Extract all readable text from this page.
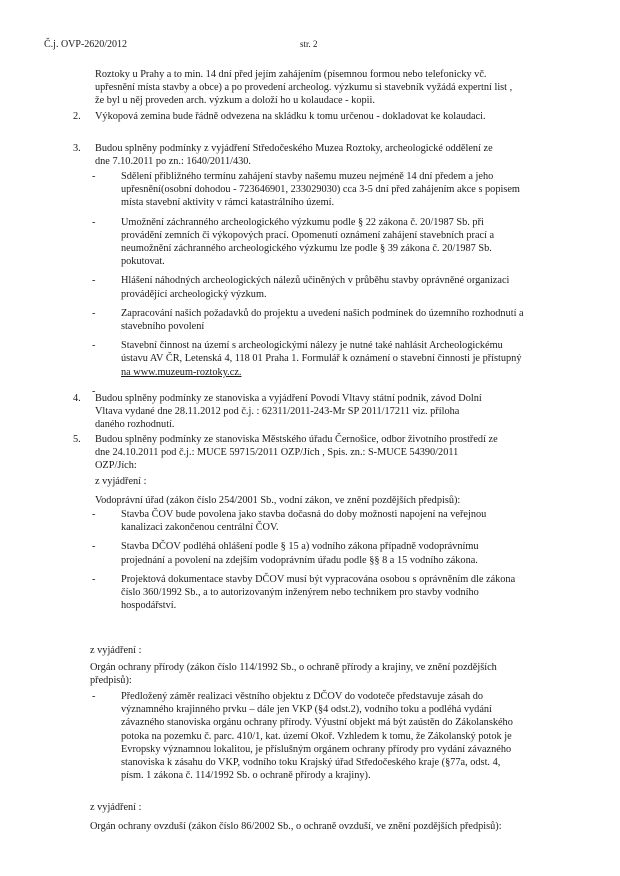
Č.j. OVP-2620/2012	str. 2

Roztoky u Prahy a to min. 14 dní před jejím zahájením (písemnou formou nebo telefonicky vč.

upřesnění místa stavby a obce) a po provedení archeolog. výzkumu si stavebník vyžádá expertní list ,

že byl u něj proveden arch. výzkum a doloží ho u kolaudace - kopii.

2. Výkopová zemina bude řádně odvezena na skládku k tomu určenou - dokladovat ke kolaudaci.

3. Budou splněny podmínky z vyjádření Středočeského Muzea Roztoky, archeologické oddělení ze

dne 7.10.2011 po zn.: 1640/2011/430.

- Sdělení přibližného termínu zahájení stavby našemu muzeu nejméně 14 dní předem a jeho

upřesnění(osobní dohodou - 723646901, 233029030) cca 3-5 dní před zahájením akce s popisem

místa stavební aktivity v rámci katastrálního území.

- Umožnění záchranného archeologického výzkumu podle § 22 zákona č. 20/1987 Sb. při

provádění zemních či výkopových prací. Opomenutí oznámení zahájení stavebních prací a

neumožnění záchranného archeologického výzkumu lze podle § 39 zákona č. 20/1987 Sb.

pokutovat.

- Hlášení náhodných archeologických nálezů učiněných v průběhu stavby oprávněné organizaci

provádějící archeologický výzkum.

- Zapracování našich požadavků do projektu a uvedení našich podmínek do územního rozhodnutí a

stavebního povolení

- Stavební činnost na území s archeologickými nálezy je nutné také nahlásit Archeologickému

ústavu AV ČR, Letenská 4, 118 01 Praha 1. Formulář k oznámení o stavební činnosti je přístupný

na www.muzeum-roztoky.cz.

-
4. Budou splněny podmínky ze stanoviska a vyjádření Povodí Vltavy státní podnik, závod Dolní

Vltava vydané dne 28.11.2012 pod č.j. : 62311/2011-243-Mr SP 2011/17211 viz. příloha

daného rozhodnutí.

5. Budou splněny podmínky ze stanoviska Městského úřadu Černošice, odbor životního prostředí ze

dne 24.10.2011 pod č.j.: MUCE 59715/2011 OZP/Jích , Spis. zn.: S-MUCE 54390/2011

OZP/Jích:

z vyjádření :

Vodoprávní úřad (zákon číslo 254/2001 Sb., vodní zákon, ve znění pozdějších předpisů):

- Stavba ČOV bude povolena jako stavba dočasná do doby možnosti napojení na veřejnou

kanalizaci zakončenou centrální ČOV.

- Stavba DČOV podléhá ohlášení podle § 15 a) vodního zákona případně vodoprávnímu

projednání a povolení na zdejším vodoprávním úřadu podle §§ 8 a 15 vodního zákona.

- Projektová dokumentace stavby DČOV musí být vypracována osobou s oprávněním dle zákona

číslo 360/1992 Sb., a to autorizovaným inženýrem nebo technikem pro stavby vodního

hospodářství.

z vyjádření :

Orgán ochrany přírody (zákon číslo 114/1992 Sb., o ochraně přírody a krajiny, ve znění pozdějších

předpisů):

- Předložený záměr realizaci věstního objektu z DČOV do vodoteče představuje zásah do

významného krajinného prvku – dále jen VKP (§4 odst.2), vodního toku a podléhá vydání

závazného stanoviska orgánu ochrany přírody. Výustní objekt má být zaústěn do Zákolanského

potoka na pozemku č. parc. 410/1, kat. území Okoř. Vzhledem k tomu, že Zákolanský potok je

Evropsky významnou lokalitou, je příslušným orgánem ochrany přírody pro vydání závazného

stanoviska k zásahu do VKP, vodního toku Krajský úřad Středočeského kraje (§77a, odst. 4,

písm. 1 zákona č. 114/1992 Sb. o ochraně přírody a krajiny).

z vyjádření :

Orgán ochrany ovzduší (zákon číslo 86/2002 Sb., o ochraně ovzduší, ve znění pozdějších předpisů):
